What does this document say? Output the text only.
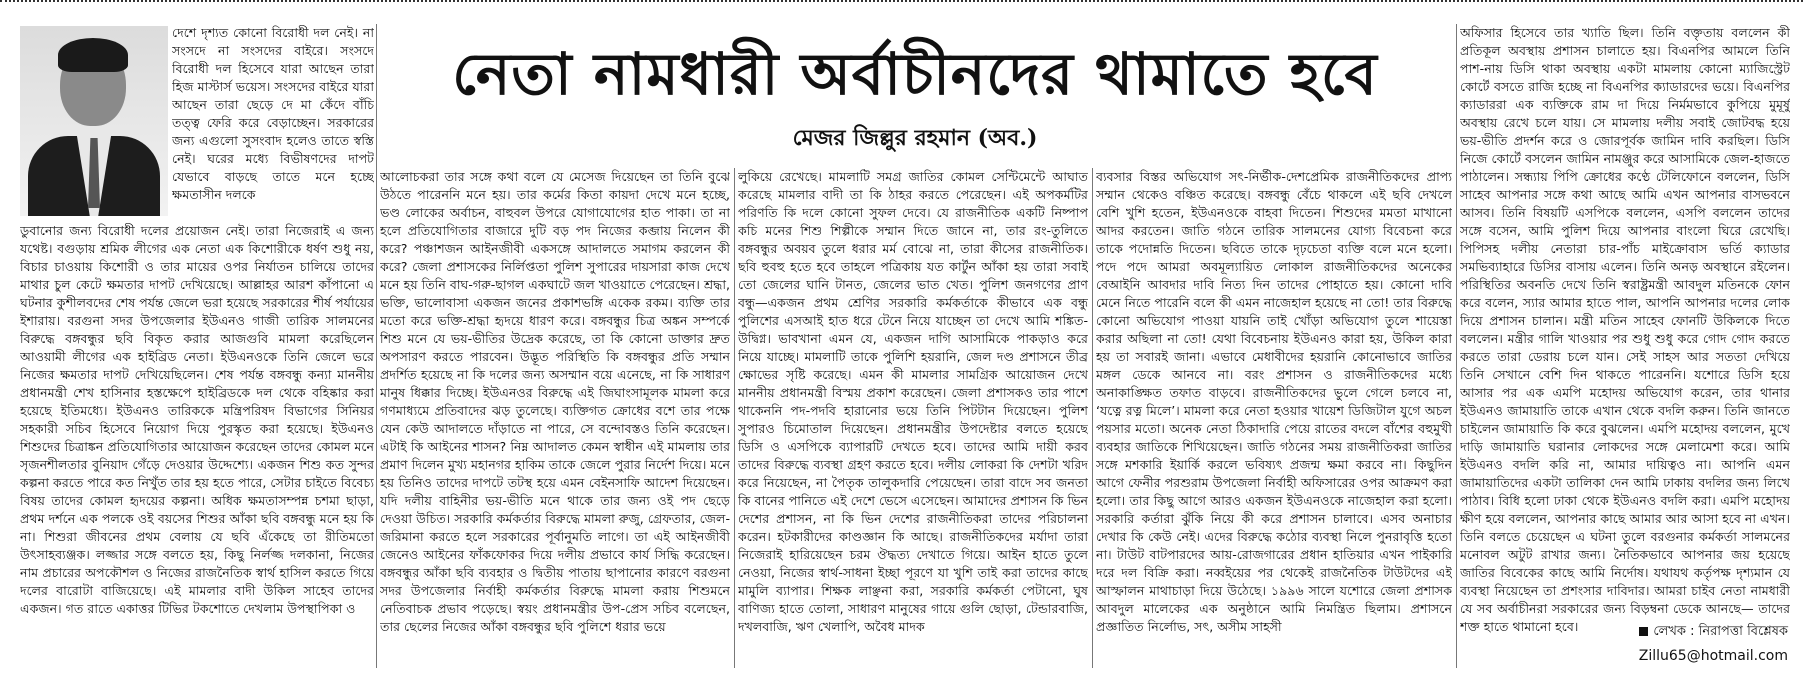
দেশে দৃশ্যত কোনো বিরোধী দল নেই। না সংসদে না সংসদের বাইরে। সংসদে বিরোধী দল হিসেবে যারা আছেন তারা হিজ মাস্টার্স ভয়েস। সংসদের বাইরে যারা আছেন তারা ছেড়ে দে মা কেঁদে বাঁচি তত্ত্ব ফেরি করে বেড়াচ্ছেন। সরকারের জন্য এগুলো সুসংবাদ হলেও তাতে স্বস্তি নেই। ঘরের মধ্যে বিভীষণদের দাপট যেভাবে বাড়ছে তাতে মনে হচ্ছে ক্ষমতাসীন দলকে

ডুবানোর জন্য বিরোধী দলের প্রয়োজন নেই। তারা নিজেরাই এ জন্য যথেষ্ট। বগুড়ায় শ্রমিক লীগের এক নেতা এক কিশোরীকে ধর্ষণ শুধু নয়, বিচার চাওয়ায় কিশোরী ও তার মায়ের ওপর নির্যাতন চালিয়ে তাদের মাথার চুল কেটে ক্ষমতার দাপট দেখিয়েছে। আল্লাহর আরশ কাঁপানো এ ঘটনার কুশীলবদের শেষ পর্যন্ত জেলে ভরা হয়েছে সরকারের শীর্ষ পর্যায়ের ইশারায়। বরগুনা সদর উপজেলার ইউএনও গাজী তারিক সালমনের বিরুদ্ধে বঙ্গবন্ধুর ছবি বিকৃত করার আজগুবি মামলা করেছিলেন আওয়ামী লীগের এক হাইব্রিড নেতা। ইউএনওকে তিনি জেলে ভরে নিজের ক্ষমতার দাপট দেখিয়েছিলেন। শেষ পর্যন্ত বঙ্গবন্ধু কন্যা মাননীয় প্রধানমন্ত্রী শেখ হাসিনার হস্তক্ষেপে হাইব্রিডকে দল থেকে বহিষ্কার করা হয়েছে ইতিমধ্যে। ইউএনও তারিককে মন্ত্রিপরিষদ বিভাগের সিনিয়র সহকারী সচিব হিসেবে নিয়োগ দিয়ে পুরস্কৃত করা হয়েছে। ইউএনও শিশুদের চিত্রাঙ্কন প্রতিযোগিতার আয়োজন করেছেন তাদের কোমল মনে সৃজনশীলতার বুনিয়াদ গেঁড়ে দেওয়ার উদ্দেশ্যে। একজন শিশু কত সুন্দর কল্পনা করতে পারে কত নিখুঁত তার হয় হতে পারে, সেটার চাইতে বিবেচ্য বিষয় তাদের কোমল হৃদয়ের কল্পনা। অধিক ক্ষমতাসম্পন্ন চশমা ছাড়া, প্রথম দর্শনে এক পলকে ওই বয়সের শিশুর আঁকা ছবি বঙ্গবন্ধু মনে হয় কি না। শিশুরা জীবনের প্রথম বেলায় যে ছবি এঁকেছে তা রীতিমতো উৎসাহব্যঞ্জক। লজ্জার সঙ্গে বলতে হয়, কিছু নির্লজ্জ দলকানা, নিজের নাম প্রচারের অপকৌশল ও নিজের রাজনৈতিক স্বার্থ হাসিল করতে গিয়ে দলের বারোটা বাজিয়েছে। এই মামলার বাদী উকিল সাহেব তাদের একজন। গত রাতে একাত্তর টিভির টকশোতে দেখলাম উপস্থাপিকা ও

নেতা নামধারী অর্বাচীনদের থামাতে হবে
মেজর জিল্লুর রহমান (অব.)

আলোচকরা তার সঙ্গে কথা বলে যে মেসেজ দিয়েছেন তা তিনি বুঝে উঠতে পারেননি মনে হয়। তার কর্মের কিতা কায়দা দেখে মনে হচ্ছে, ভণ্ড লোকের অর্বাচন, বাহুবল উপরে যোগাযোগের হাত পাকা। তা না হলে প্রতিযোগিতার বাজারে দুটি বড় পদ নিজের কব্জায় নিলেন কী করে? পঞ্চাশজন আইনজীবী একসঙ্গে আদালতে সমাগম করলেন কী করে? জেলা প্রশাসকের নির্লিপ্ততা পুলিশ সুপারের দায়সারা কাজ দেখে মনে হয় তিনি বাঘ-গরু-ছাগল একঘাটে জল খাওয়াতে পেরেছেন। শ্রদ্ধা, ভক্তি, ভালোবাসা একজন জনের প্রকাশভঙ্গি একেক রকম। ব্যক্তি তার মতো করে ভক্তি-শ্রদ্ধা হৃদয়ে ধারণ করে। বঙ্গবন্ধুর চিত্র অঙ্কন সম্পর্কে শিশু মনে যে ভয়-ভীতির উদ্রেক করেছে, তা কি কোনো ডাক্তার দ্রুত অপসারণ করতে পারবেন। উদ্ভূত পরিস্থিতি কি বঙ্গবন্ধুর প্রতি সম্মান প্রদর্শিত হয়েছে না কি দলের জন্য অসম্মান বয়ে এনেছে, না কি সাধারণ মানুষ ধিক্কার দিচ্ছে। ইউএনওর বিরুদ্ধে এই জিঘাংসামূলক মামলা করে গণমাধ্যমে প্রতিবাদের ঝড় তুলেছে। ব্যক্তিগত ক্রোধের বশে তার পক্ষে যেন কেউ আদালতে দাঁড়াতে না পারে, সে বন্দোবস্তও তিনি করেছেন। এটাই কি আইনের শাসন? নিম্ন আদালত কেমন স্বাধীন এই মামলায় তার প্রমাণ দিলেন মুখ্য মহানগর হাকিম তাকে জেলে পুরার নির্দেশ দিয়ে। মনে হয় তিনিও তাদের দাপটে তটস্থ হয়ে এমন বেইনসাফি আদেশ দিয়েছেন। যদি দলীয় বাহিনীর ভয়-ভীতি মনে থাকে তার জন্য ওই পদ ছেড়ে দেওয়া উচিত। সরকারি কর্মকর্তার বিরুদ্ধে মামলা রুজু, গ্রেফতার, জেল-জরিমানা করতে হলে সরকারের পূর্বানুমতি লাগে। তা এই আইনজীবী জেনেও আইনের ফাঁকফোকর দিয়ে দলীয় প্রভাবে কার্য সিদ্ধি করেছেন। বঙ্গবন্ধুর আঁকা ছবি ব্যবহার ও দ্বিতীয় পাতায় ছাপানোর কারণে বরগুনা সদর উপজেলার নির্বাহী কর্মকর্তার বিরুদ্ধে মামলা করায় শিশুমনে নেতিবাচক প্রভাব পড়েছে। স্বয়ং প্রধানমন্ত্রীর উপ-প্রেস সচিব বলেছেন, তার ছেলের নিজের আঁকা বঙ্গবন্ধুর ছবি পুলিশে ধরার ভয়ে

লুকিয়ে রেখেছে। মামলাটি সমগ্র জাতির কোমল সেন্টিমেন্টে আঘাত করেছে মামলার বাদী তা কি ঠাহর করতে পেরেছেন। এই অপকর্মটির পরিণতি কি দলে কোনো সুফল দেবে। যে রাজনীতিক একটি নিষ্পাপ কচি মনের শিশু শিল্পীকে সম্মান দিতে জানে না, তার রং-তুলিতে বঙ্গবন্ধুর অবয়ব তুলে ধরার মর্ম বোঝে না, তারা কীসের রাজনীতিক। ছবি হুবহু হতে হবে তাহলে পত্রিকায় যত কার্টুন আঁকা হয় তারা সবাই তো জেলের ঘানি টানত, জেলের ভাত খেত। পুলিশ জনগণের প্রাণ বন্ধু—একজন প্রথম শ্রেণির সরকারি কর্মকর্তাকে কীভাবে এক বন্ধু পুলিশের এসআই হাত ধরে টেনে নিয়ে যাচ্ছেন তা দেখে আমি শঙ্কিত-উদ্বিগ্ন। ভাবখানা এমন যে, একজন দাগি আসামিকে পাকড়াও করে নিয়ে যাচ্ছে। মামলাটি তাকে পুলিশি হয়রানি, জেল দণ্ড প্রশাসনে তীব্র ক্ষোভের সৃষ্টি করেছে। এমন কী মামলার সামগ্রিক আয়োজন দেখে মাননীয় প্রধানমন্ত্রী বিস্ময় প্রকাশ করেছেন। জেলা প্রশাসকও তার পাশে থাকেননি পদ-পদবি হারানোর ভয়ে তিনি পিটটান দিয়েছেন। পুলিশ সুপারও চিমোতাল দিয়েছেন। প্রধানমন্ত্রীর উপদেষ্টার বলতে হয়েছে ডিসি ও এসপিকে ব্যাপারটি দেখতে হবে। তাদের আমি দায়ী করব তাদের বিরুদ্ধে ব্যবস্থা গ্রহণ করতে হবে। দলীয় লোকরা কি দেশটা খরিদ করে নিয়েছেন, না পৈতৃক তালুকদারি পেয়েছেন। তারা বাদে সব জনতা কি বানের পানিতে এই দেশে ভেসে এসেছেন। আমাদের প্রশাসন কি ভিন দেশের প্রশাসন, না কি ভিন দেশের রাজনীতিকরা তাদের পরিচালনা করেন। হটকারীদের কাণ্ডজ্ঞান কি আছে। রাজনীতিকদের মর্যাদা তারা নিজেরাই হারিয়েছেন চরম ঔদ্ধত্য দেখাতে গিয়ে। আইন হাতে তুলে নেওয়া, নিজের স্বার্থ-সাধনা ইচ্ছা পূরণে যা খুশি তাই করা তাদের কাছে মামুলি ব্যাপার। শিক্ষক লাঞ্ছনা করা, সরকারি কর্মকর্তা পেটানো, ঘুষ বাণিজ্য হাতে তোলা, সাধারণ মানুষের গায়ে গুলি ছোড়া, টেন্ডারবাজি, দখলবাজি, ঋণ খেলাপি, অবৈধ মাদক

ব্যবসার বিস্তর অভিযোগ সৎ-নির্ভীক-দেশপ্রেমিক রাজনীতিকদের প্রাপ্য সম্মান থেকেও বঞ্চিত করেছে। বঙ্গবন্ধু বেঁচে থাকলে এই ছবি দেখলে বেশি খুশি হতেন, ইউএনওকে বাহবা দিতেন। শিশুদের মমতা মাখানো আদর করতেন। জাতি গঠনে তারিক সালমনের যোগ্য বিবেচনা করে তাকে পদোন্নতি দিতেন। ছবিতে তাকে দৃঢ়চেতা ব্যক্তি বলে মনে হলো। পদে পদে আমরা অবমূল্যায়িত লোকাল রাজনীতিকদের অনেকের বেআইনি আবদার দাবি নিত্য দিন তাদের পোহাতে হয়। কোনো দাবি মেনে নিতে পারেনি বলে কী এমন নাজেহাল হয়েছে না তো! তার বিরুদ্ধে কোনো অভিযোগ পাওয়া যায়নি তাই খোঁড়া অভিযোগ তুলে শায়েস্তা করার অছিলা না তো! যেথা বিবেচনায় ইউএনও কারা হয়, উকিল কারা হয় তা সবারই জানা। এভাবে মেধাবীদের হয়রানি কোনোভাবে জাতির মঙ্গল ডেকে আনবে না। বরং প্রশাসন ও রাজনীতিকদের মধ্যে অনাকাঙ্ক্ষিত তফাত বাড়বে। রাজনীতিকদের ভুলে গেলে চলবে না, ‘যত্নে রত্ন মিলে’। মামলা করে নেতা হওয়ার খায়েশ ডিজিটাল যুগে অচল পয়সার মতো। অনেক নেতা ঠিকাদারি পেয়ে রাতের বদলে বাঁশের বহুমুখী ব্যবহার জাতিকে শিখিয়েছেন। জাতি গঠনের সময় রাজনীতিকরা জাতির সঙ্গে মশকারি ইয়ার্কি করলে ভবিষ্যৎ প্রজন্ম ক্ষমা করবে না। কিছুদিন আগে ফেনীর পরশুরাম উপজেলা নির্বাহী অফিসারের ওপর আক্রমণ করা হলো। তার কিছু আগে আরও একজন ইউএনওকে নাজেহাল করা হলো। সরকারি কর্তারা ঝুঁকি নিয়ে কী করে প্রশাসন চালাবে। এসব অনাচার দেখার কি কেউ নেই। এদের বিরুদ্ধে কঠোর ব্যবস্থা নিলে পুনরাবৃত্তি হতো না। টাউট বাটপারদের আয়-রোজগারের প্রধান হাতিয়ার এখন পাইকারি দরে দল বিক্রি করা। নব্বইয়ের পর থেকেই রাজনৈতিক টাউটদের এই আস্ফালন মাথাচাড়া দিয়ে উঠেছে। ১৯৯৬ সালে যশোরে জেলা প্রশাসক আবদুল মালেকের এক অনুষ্ঠানে আমি নিমন্ত্রিত ছিলাম। প্রশাসনে প্রজ্ঞাতিত নির্লোভ, সৎ, অসীম সাহসী

অফিসার হিসেবে তার খ্যাতি ছিল। তিনি বক্তৃতায় বললেন কী প্রতিকূল অবস্থায় প্রশাসন চালাতে হয়। বিএনপির আমলে তিনি পাশ-নায় ডিসি থাকা অবস্থায় একটা মামলায় কোনো ম্যাজিস্ট্রেট কোর্টে বসতে রাজি হচ্ছে না বিএনপির ক্যাডারদের ভয়ে। বিএনপির ক্যাডাররা এক ব্যক্তিকে রাম দা দিয়ে নির্মমভাবে কুপিয়ে মুমূর্ষু অবস্থায় রেখে চলে যায়। সে মামলায় দলীয় সবাই জোটবদ্ধ হয়ে ভয়-ভীতি প্রদর্শন করে ও জোরপূর্বক জামিন দাবি করছিল। ডিসি নিজে কোর্টে বসলেন জামিন নামঞ্জুর করে আসামিকে জেল-হাজতে পাঠালেন। সন্ধ্যায় পিপি ক্রোধের কণ্ঠে টেলিফোনে বললেন, ডিসি সাহেব আপনার সঙ্গে কথা আছে আমি এখন আপনার বাসভবনে আসব। তিনি বিষয়টি এসপিকে বললেন, এসপি বললেন তাদের সঙ্গে বসেন, আমি পুলিশ দিয়ে আপনার বাংলো ঘিরে রেখেছি। পিপিসহ দলীয় নেতারা চার-পাঁচ মাইক্রোবাস ভর্তি ক্যাডার সমভিব্যাহারে ডিসির বাসায় এলেন। তিনি অনড় অবস্থানে রইলেন। পরিস্থিতির অবনতি দেখে তিনি স্বরাষ্ট্রমন্ত্রী আবদুল মতিনকে ফোন করে বলেন, স্যার আমার হাতে পাল, আপনি আপনার দলের লোক দিয়ে প্রশাসন চালান। মন্ত্রী মতিন সাহেব ফোনটি উকিলকে দিতে বললেন। মন্ত্রীর গালি খাওয়ার পর শুধু শুধু করে গোদ গোদ করতে করতে তারা ডেরায় চলে যান। সেই সাহস আর সততা দেখিয়ে তিনি সেখানে বেশি দিন থাকতে পারেননি। যশোরে ডিসি হয়ে আসার পর এক এমপি মহোদয় অভিযোগ করেন, তার থানার ইউএনও জামায়াতি তাকে এখান থেকে বদলি করুন। তিনি জানতে চাইলেন জামায়াতি কি করে বুঝলেন। এমপি মহোদয় বললেন, মুখে দাড়ি জামায়াতি ঘরানার লোকদের সঙ্গে মেলামেশা করে। আমি ইউএনও বদলি করি না, আমার দায়িত্বও না। আপনি এমন জামায়াতিদের একটা তালিকা দেন আমি ঢাকায় বদলির জন্য লিখে পাঠাব। বিধি হলো ঢাকা থেকে ইউএনও বদলি করা। এমপি মহোদয় ক্ষীণ হয়ে বললেন, আপনার কাছে আমার আর আসা হবে না এখন। তিনি বলতে চেয়েছেন এ ঘটনা তুলে বরগুনার কর্মকর্তা সালমনের মনোবল অটুট রাখার জন্য। নৈতিকভাবে আপনার জয় হয়েছে জাতির বিবেকের কাছে আমি নির্দোষ। যথাযথ কর্তৃপক্ষ দৃশ্যমান যে ব্যবস্থা নিয়েছেন তা প্রশংসার দাবিদার। আমরা চাইব নেতা নামধারী যে সব অর্বাচীনরা সরকারের জন্য বিড়ম্বনা ডেকে আনছে— তাদের শক্ত হাতে থামানো হবে।	লেখক : নিরাপত্তা বিশ্লেষক
Zillu65@hotmail.com
